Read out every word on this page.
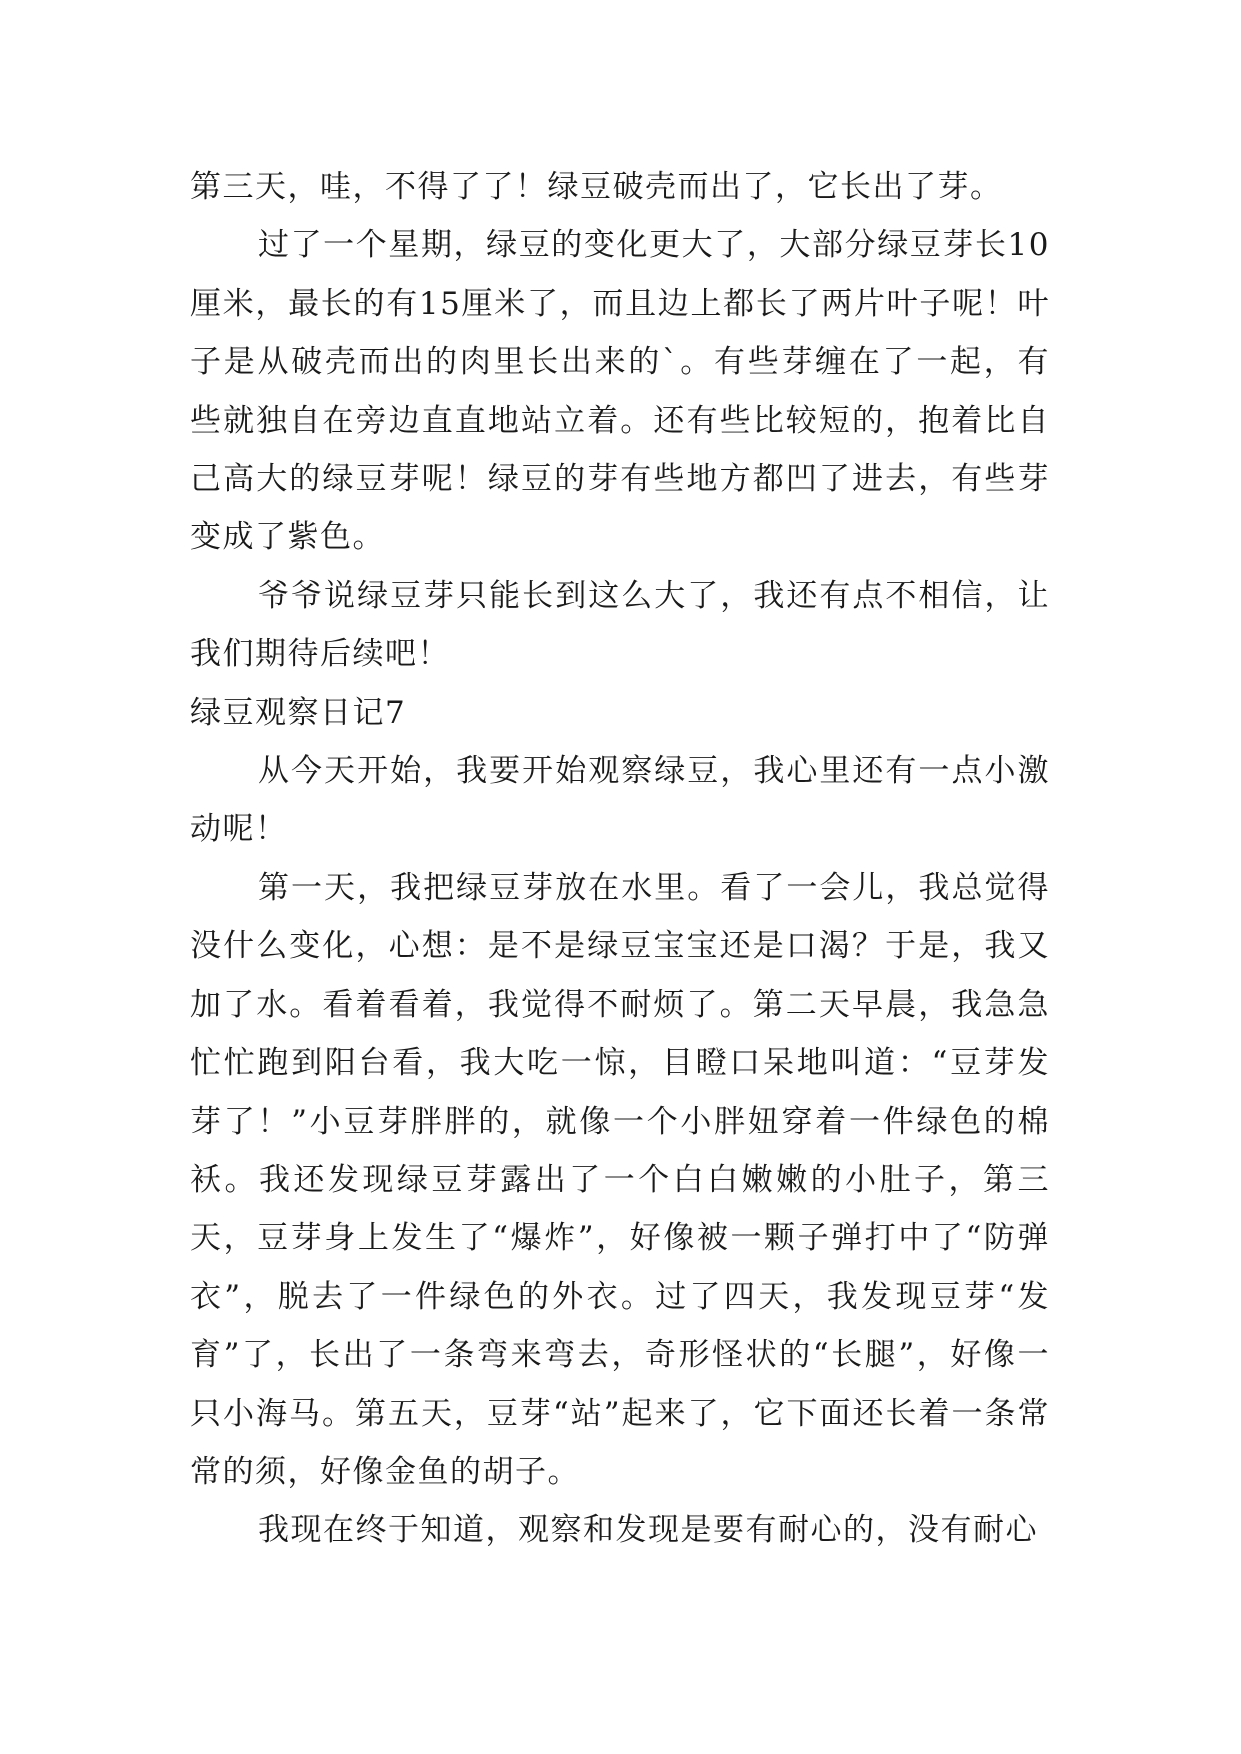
第三天，哇，不得了了！绿豆破壳而出了，它长出了芽。

过了一个星期，绿豆的变化更大了，大部分绿豆芽长10厘米，最长的有15厘米了，而且边上都长了两片叶子呢！叶子是从破壳而出的肉里长出来的`。有些芽缠在了一起，有些就独自在旁边直直地站立着。还有些比较短的，抱着比自己高大的绿豆芽呢！绿豆的芽有些地方都凹了进去，有些芽变成了紫色。

爷爷说绿豆芽只能长到这么大了，我还有点不相信，让我们期待后续吧！

绿豆观察日记7

从今天开始，我要开始观察绿豆，我心里还有一点小激动呢！

第一天，我把绿豆芽放在水里。看了一会儿，我总觉得没什么变化，心想：是不是绿豆宝宝还是口渴？于是，我又加了水。看着看着，我觉得不耐烦了。第二天早晨，我急急忙忙跑到阳台看，我大吃一惊，目瞪口呆地叫道：“豆芽发芽了！”小豆芽胖胖的，就像一个小胖妞穿着一件绿色的棉袄。我还发现绿豆芽露出了一个白白嫩嫩的小肚子，第三天，豆芽身上发生了“爆炸”，好像被一颗子弹打中了“防弹衣”，脱去了一件绿色的外衣。过了四天，我发现豆芽“发育”了，长出了一条弯来弯去，奇形怪状的“长腿”，好像一只小海马。第五天，豆芽“站”起来了，它下面还长着一条常常的须，好像金鱼的胡子。

我现在终于知道，观察和发现是要有耐心的，没有耐心
